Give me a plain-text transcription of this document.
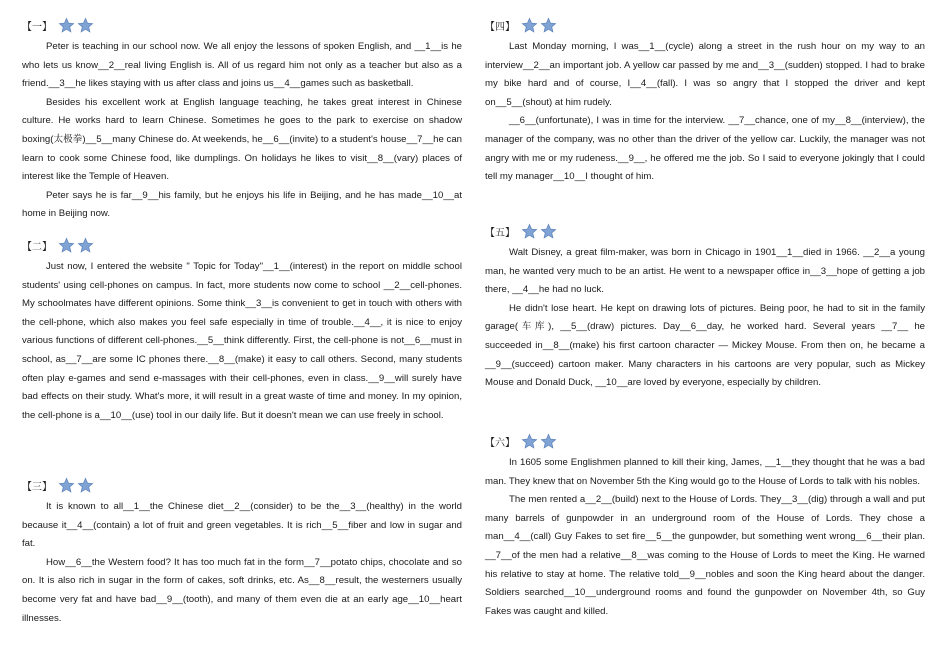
【一】

Peter is teaching in our school now. We all enjoy the lessons of spoken English, and __1__is he who lets us know__2__real living English is. All of us regard him not only as a teacher but also as a friend.__3__he likes staying with us after class and joins us__4__games such as basketball.

Besides his excellent work at English language teaching, he takes great interest in Chinese culture. He works hard to learn Chinese. Sometimes he goes to the park to exercise on shadow boxing(太极拳)__5__many Chinese do. At weekends, he__6__(invite) to a student's house__7__he can learn to cook some Chinese food, like dumplings. On holidays he likes to visit__8__(vary) places of interest like the Temple of Heaven.

Peter says he is far__9__his family, but he enjoys his life in Beijing, and he has made__10__at home in Beijing now.

【二】

Just now, I entered the website " Topic for Today"__1__(interest) in the report on middle school students' using cell-phones on campus. In fact, more students now come to school __2__cell-phones. My schoolmates have different opinions. Some think__3__is convenient to get in touch with others with the cell-phone, which also makes you feel safe especially in time of trouble.__4__, it is nice to enjoy various functions of different cell-phones.__5__think differently. First, the cell-phone is not__6__must in school, as__7__are some IC phones there.__8__(make) it easy to call others. Second, many students often play e-games and send e-massages with their cell-phones, even in class.__9__will surely have bad effects on their study. What's more, it will result in a great waste of time and money. In my opinion, the cell-phone is a__10__(use) tool in our daily life. But it doesn't mean we can use freely in school.

【三】

It is known to all__1__the Chinese diet__2__(consider) to be the__3__(healthy) in the world because it__4__(contain) a lot of fruit and green vegetables. It is rich__5__fiber and low in sugar and fat.

How__6__the Western food? It has too much fat in the form__7__potato chips, chocolate and so on. It is also rich in sugar in the form of cakes, soft drinks, etc. As__8__result, the westerners usually become very fat and have bad__9__(tooth), and many of them even die at an early age__10__heart illnesses.

【四】

Last Monday morning, I was__1__(cycle) along a street in the rush hour on my way to an interview__2__an important job. A yellow car passed by me and__3__(sudden) stopped. I had to brake my bike hard and of course, I__4__(fall). I was so angry that I stopped the driver and kept on__5__(shout) at him rudely.

__6__(unfortunate), I was in time for the interview. __7__chance, one of my__8__(interview), the manager of the company, was no other than the driver of the yellow car. Luckily, the manager was not angry with me or my rudeness.__9__, he offered me the job. So I said to everyone jokingly that I could tell my manager__10__I thought of him.

【五】

Walt Disney, a great film-maker, was born in Chicago in 1901__1__died in 1966. __2__a young man, he wanted very much to be an artist. He went to a newspaper office in__3__hope of getting a job there, __4__he had no luck.

He didn't lose heart. He kept on drawing lots of pictures. Being poor, he had to sit in the family garage(车库), __5__(draw) pictures. Day__6__day, he worked hard. Several years __7__ he succeeded in__8__(make) his first cartoon character — Mickey Mouse. From then on, he became a __9__(succeed) cartoon maker. Many characters in his cartoons are very popular, such as Mickey Mouse and Donald Duck, __10__are loved by everyone, especially by children.

【六】

In 1605 some Englishmen planned to kill their king, James, __1__they thought that he was a bad man. They knew that on November 5th the King would go to the House of Lords to talk with his nobles.

The men rented a__2__(build) next to the House of Lords. They__3__(dig) through a wall and put many barrels of gunpowder in an underground room of the House of Lords. They chose a man__4__(call) Guy Fakes to set fire__5__the gunpowder, but something went wrong__6__their plan. __7__of the men had a relative__8__was coming to the House of Lords to meet the King. He warned his relative to stay at home. The relative told__9__nobles and soon the King heard about the danger. Soldiers searched__10__underground rooms and found the gunpowder on November 4th, so Guy Fakes was caught and killed.
